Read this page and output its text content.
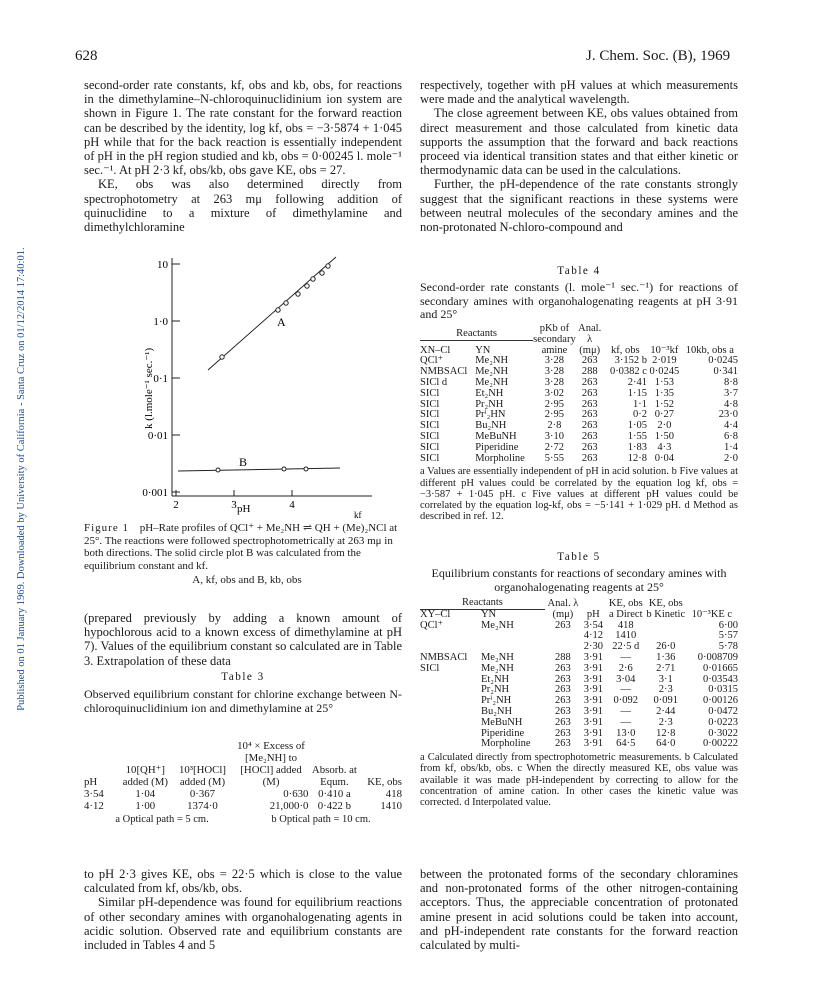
Published on 01 January 1969. Downloaded by University of California - Santa Cruz on 01/12/2014 17:40:01.
628	J. Chem. Soc. (B), 1969

second-order rate constants, kf, obs and kb, obs, for reactions in the dimethylamine–N-chloroquinuclidinium ion system are shown in Figure 1. The rate constant for the forward reaction can be described by the identity, log kf, obs = −3·5874 + 1·045 pH while that for the back reaction is essentially independent of pH in the pH region studied and kb, obs = 0·00245 l. mole⁻¹ sec.⁻¹. At pH 2·3 kf, obs/kb, obs gave KE, obs = 27.

KE, obs was also determined directly from spectrophotometry at 263 mμ following addition of quinuclidine to a mixture of dimethylamine and dimethylchloramine

10
1·0
0·1
0·01
0·001
2	3	4
A
B
pH
k (l.mole⁻¹ sec.⁻¹)
kf
Figure 1 pH–Rate profiles of QCl⁺ + Me₂NH ⇌ QH + (Me)₂NCl at 25°. The reactions were followed spectrophotometrically at 263 mμ in both directions. The solid circle plot B was calculated from the equilibrium constant and kf.
A, kf, obs and B, kb, obs

(prepared previously by adding a known amount of hypochlorous acid to a known excess of dimethylamine at pH 7). Values of the equilibrium constant so calculated are in Table 3. Extrapolation of these data

Table 3
Observed equilibrium constant for chlorine exchange between N-chloroquinuclidinium ion and dimethylamine at 25°
pH	10[QH⁺] added (M)	10³[HOCl] added (M)	10⁴ × Excess of [Me₂NH] to [HOCl] added (M)	Absorb. at Equm.	KE, obs
3·54	1·04	0·367	0·630	0·410 a	418
4·12	1·00	1374·0	21,000·0	0·422 b	1410
a Optical path = 5 cm.	b Optical path = 10 cm.

to pH 2·3 gives KE, obs = 22·5 which is close to the value calculated from kf, obs/kb, obs.

Similar pH-dependence was found for equilibrium reactions of other secondary amines with organohalogenating agents in acidic solution. Observed rate and equilibrium constants are included in Tables 4 and 5

respectively, together with pH values at which measurements were made and the analytical wavelength.

The close agreement between KE, obs values obtained from direct measurement and those calculated from kinetic data supports the assumption that the forward and back reactions proceed via identical transition states and that either kinetic or thermodynamic data can be used in the calculations.

Further, the pH-dependence of the rate constants strongly suggest that the significant reactions in these systems were between neutral molecules of the secondary amines and the non-protonated N-chloro-compound and

Table 4
Second-order rate constants (l. mole⁻¹ sec.⁻¹) for reactions of secondary amines with organohalogenating reagents at pH 3·91 and 25°
Reactants		pKb of secondary amine	Anal. λ (mμ)	kf, obs	10⁻³kf	10kb, obs a
XN–Cl	YN					
QCl⁺	Me₂NH	3·28	263	3·152 b	2·019	0·0245
NMBSACl	Me₂NH	3·28	288	0·0382 c	0·0245	0·341
SICl d	Me₂NH	3·28	263	2·41	1·53	8·8
SICl	Et₂NH	3·02	263	1·15	1·35	3·7
SICl	Pr₂NH	2·95	263	1·1	1·52	4·8
SICl	Prⁱ₂HN	2·95	263	0·2	0·27	23·0
SICl	Bu₂NH	2·8	263	1·05	2·0	4·4
SICl	MeBuNH	3·10	263	1·55	1·50	6·8
SICl	Piperidine	2·72	263	1·83	4·3	1·4
SICl	Morpholine	5·55	263	12·8	0·04	2·0
a Values are essentially independent of pH in acid solution. b Five values at different pH values could be correlated by the equation log kf, obs = −3·587 + 1·045 pH. c Five values at different pH values could be correlated by the equation log-kf, obs = −5·141 + 1·029 pH. d Method as described in ref. 12.
Table 5
Equilibrium constants for reactions of secondary amines with organohalogenating reagents at 25°
Reactants		Anal. λ (mμ)	pH	KE, obs a Direct	KE, obs b Kinetic	10⁻³KE c
XY–Cl	YN					
QCl⁺	Me₂NH	263	3·54	418		6·00
			4·12	1410		5·57
			2·30	22·5 d	26·0	5·78
NMBSACl	Me₂NH	288	3·91	—	1·36	0·008709
SICl	Me₂NH	263	3·91	2·6	2·71	0·01665
	Et₂NH	263	3·91	3·04	3·1	0·03543
	Pr₂NH	263	3·91	—	2·3	0·0315
	Prⁱ₂NH	263	3·91	0·092	0·091	0·00126
	Bu₂NH	263	3·91	—	2·44	0·0472
	MeBuNH	263	3·91	—	2·3	0·0223
	Piperidine	263	3·91	13·0	12·8	0·3022
	Morpholine	263	3·91	64·5	64·0	0·00222
a Calculated directly from spectrophotometric measurements. b Calculated from kf, obs/kb, obs. c When the directly measured KE, obs value was available it was made pH-independent by correcting to allow for the concentration of amine cation. In other cases the kinetic value was corrected. d Interpolated value.

between the protonated forms of the secondary chloramines and non-protonated forms of the other nitrogen-containing acceptors. Thus, the appreciable concentration of protonated amine present in acid solutions could be taken into account, and pH-independent rate constants for the forward reaction calculated by multi-
